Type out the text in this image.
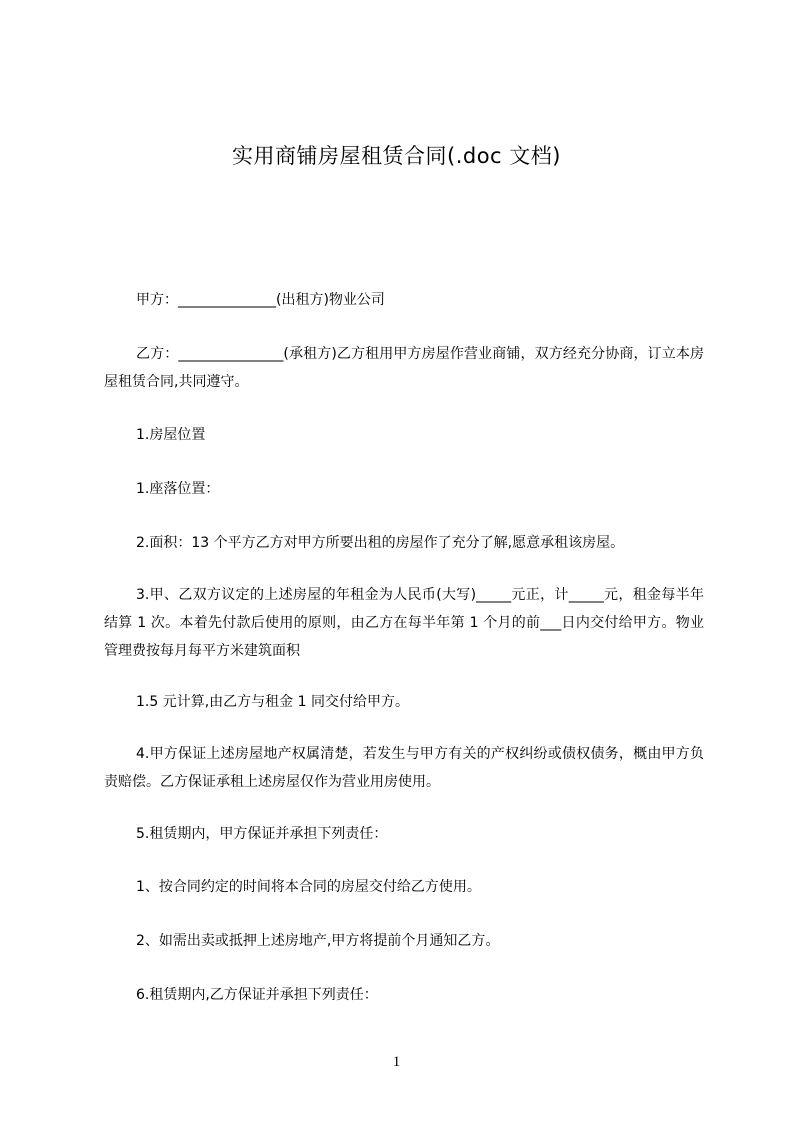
实用商铺房屋租赁合同(.doc 文档)
甲方：______________(出租方)物业公司
乙方：_______________(承租方)乙方租用甲方房屋作营业商铺，双方经充分协商，订立本房屋租赁合同,共同遵守。
1.房屋位置
1.座落位置：
2.面积：13 个平方乙方对甲方所要出租的房屋作了充分了解,愿意承租该房屋。
3.甲、乙双方议定的上述房屋的年租金为人民币(大写)_____元正，计_____元，租金每半年结算 1 次。本着先付款后使用的原则，由乙方在每半年第 1 个月的前___日内交付给甲方。物业管理费按每月每平方米建筑面积
1.5 元计算,由乙方与租金 1 同交付给甲方。
4.甲方保证上述房屋地产权属清楚，若发生与甲方有关的产权纠纷或债权债务，概由甲方负责赔偿。乙方保证承租上述房屋仅作为营业用房使用。
5.租赁期内，甲方保证并承担下列责任：
1、按合同约定的时间将本合同的房屋交付给乙方使用。
2、如需出卖或抵押上述房地产,甲方将提前个月通知乙方。
6.租赁期内,乙方保证并承担下列责任：
1
